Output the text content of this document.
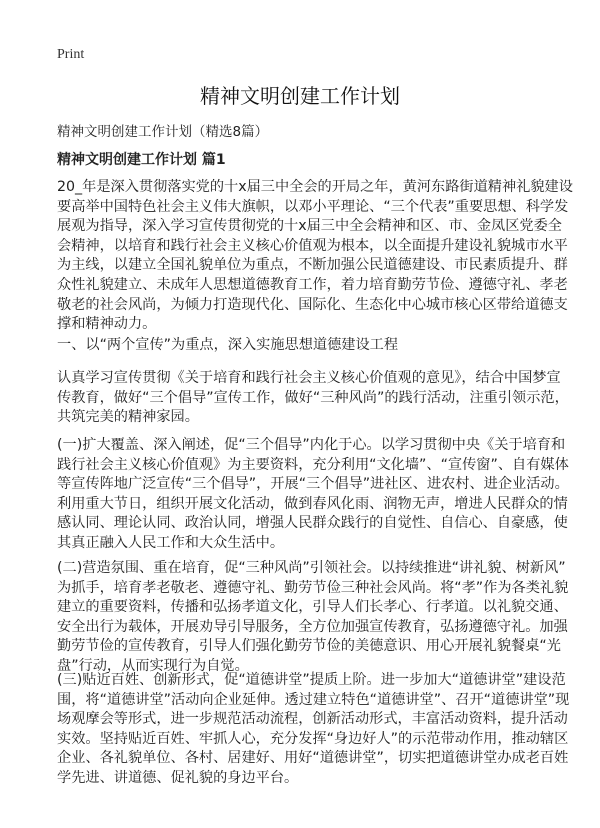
Print
精神文明创建工作计划
精神文明创建工作计划（精选8篇）
精神文明创建工作计划 篇1
20_年是深入贯彻落实党的十x届三中全会的开局之年，黄河东路街道精神礼貌建设
要高举中国特色社会主义伟大旗帜，以邓小平理论、“三个代表”重要思想、科学发
展观为指导，深入学习宣传贯彻党的十x届三中全会精神和区、市、金凤区党委全
会精神，以培育和践行社会主义核心价值观为根本，以全面提升建设礼貌城市水平
为主线，以建立全国礼貌单位为重点，不断加强公民道德建设、市民素质提升、群
众性礼貌建立、未成年人思想道德教育工作，着力培育勤劳节俭、遵德守礼、孝老
敬老的社会风尚，为倾力打造现代化、国际化、生态化中心城市核心区带给道德支
撑和精神动力。
一、以“两个宣传”为重点，深入实施思想道德建设工程
认真学习宣传贯彻《关于培育和践行社会主义核心价值观的意见》，结合中国梦宣
传教育，做好“三个倡导”宣传工作，做好“三种风尚”的践行活动，注重引领示范，
共筑完美的精神家园。
(一)扩大覆盖、深入阐述，促“三个倡导”内化于心。以学习贯彻中央《关于培育和
践行社会主义核心价值观》为主要资料，充分利用“文化墙”、“宣传窗”、自有媒体
等宣传阵地广泛宣传“三个倡导”，开展“三个倡导”进社区、进农村、进企业活动。
利用重大节日，组织开展文化活动，做到春风化雨、润物无声，增进人民群众的情
感认同、理论认同、政治认同，增强人民群众践行的自觉性、自信心、自豪感，使
其真正融入人民工作和大众生活中。
(二)营造氛围、重在培育，促“三种风尚”引领社会。以持续推进“讲礼貌、树新风”
为抓手，培育孝老敬老、遵德守礼、勤劳节俭三种社会风尚。将“孝”作为各类礼貌
建立的重要资料，传播和弘扬孝道文化，引导人们长孝心、行孝道。以礼貌交通、
安全出行为载体，开展劝导引导服务，全方位加强宣传教育，弘扬遵德守礼。加强
勤劳节俭的宣传教育，引导人们强化勤劳节俭的美德意识、用心开展礼貌餐桌“光
盘”行动，从而实现行为自觉。
(三)贴近百姓、创新形式，促“道德讲堂”提质上阶。进一步加大“道德讲堂”建设范
围，将“道德讲堂”活动向企业延伸。透过建立特色“道德讲堂”、召开“道德讲堂”现
场观摩会等形式，进一步规范活动流程，创新活动形式，丰富活动资料，提升活动
实效。坚持贴近百姓、牢抓人心，充分发挥“身边好人”的示范带动作用，推动辖区
企业、各礼貌单位、各村、居建好、用好“道德讲堂”，切实把道德讲堂办成老百姓
学先进、讲道德、促礼貌的身边平台。
